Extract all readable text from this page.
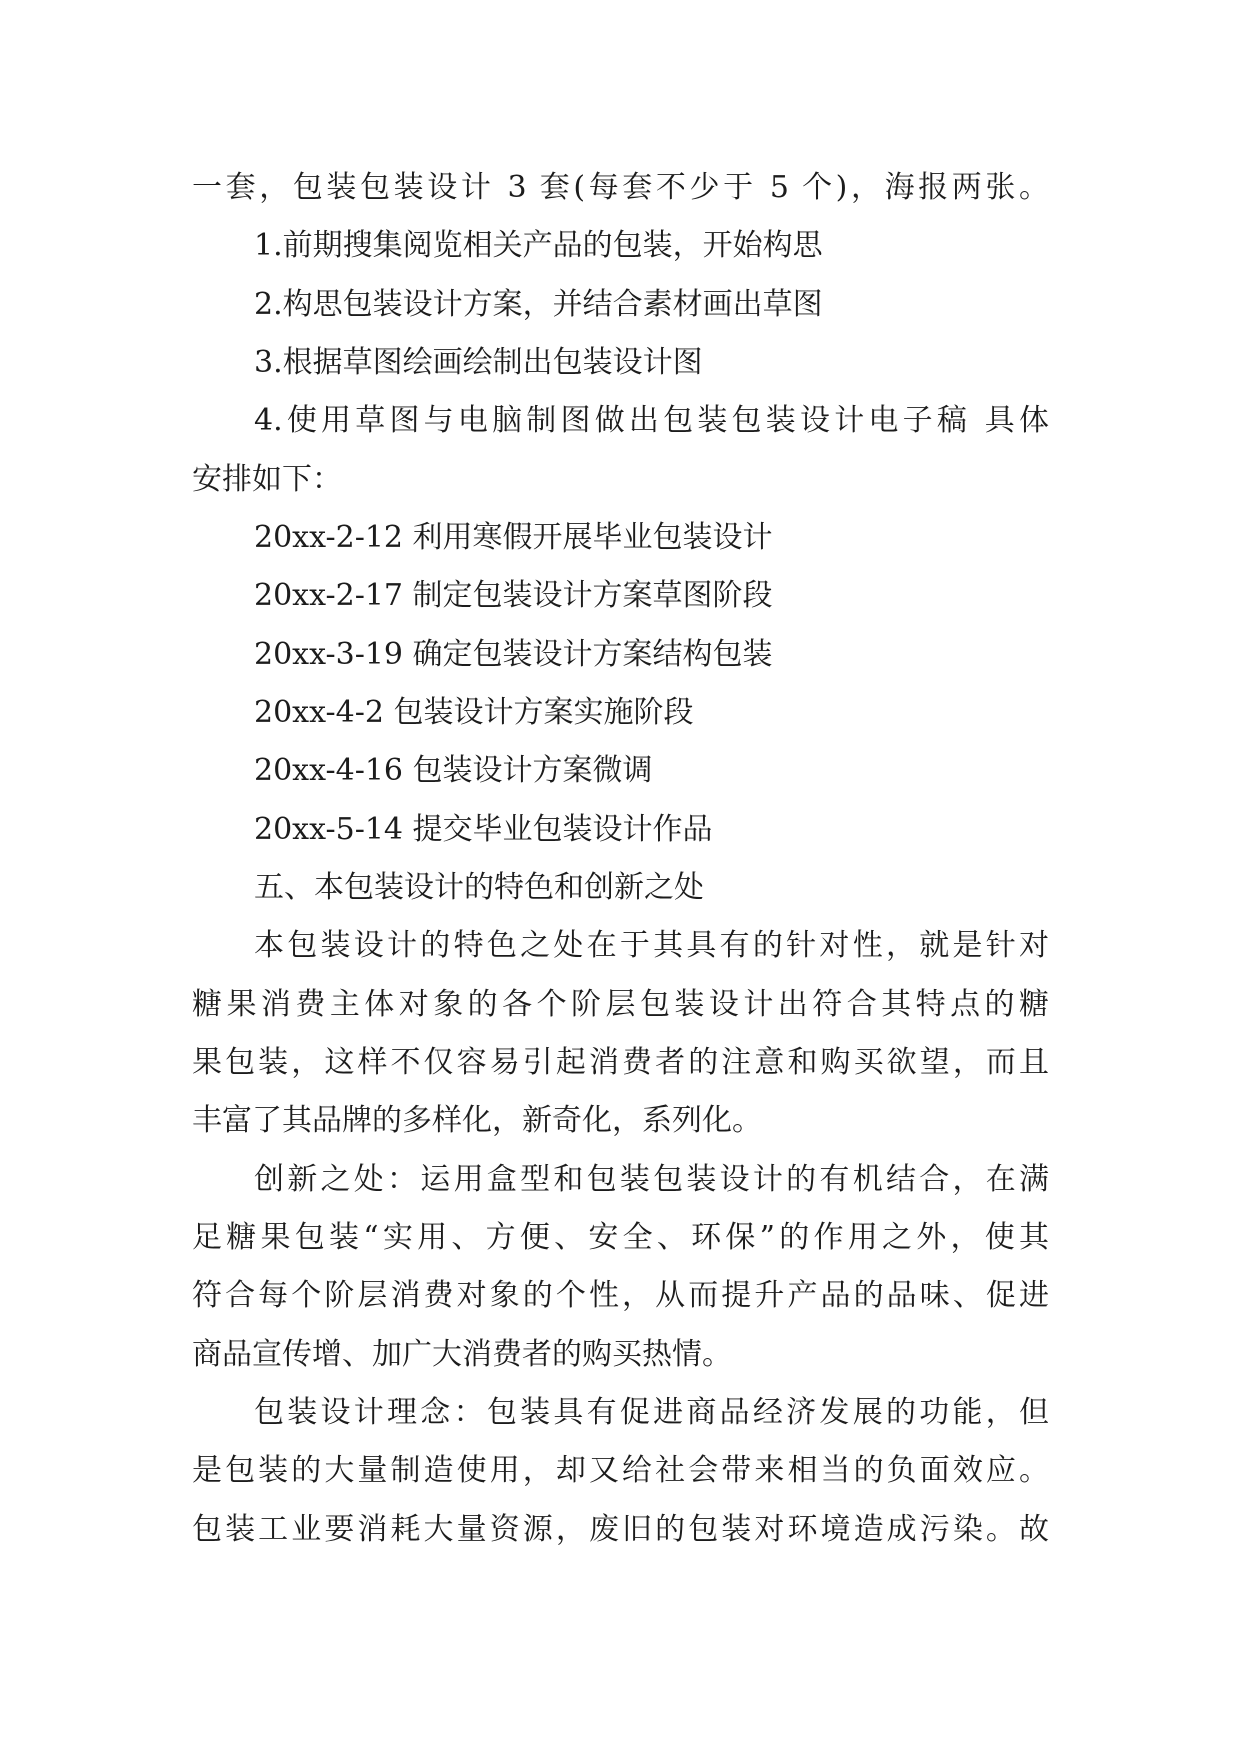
一套，包装包装设计 3 套(每套不少于 5 个)，海报两张。
1.前期搜集阅览相关产品的包装，开始构思
2.构思包装设计方案，并结合素材画出草图
3.根据草图绘画绘制出包装设计图
4.使用草图与电脑制图做出包装包装设计电子稿 具体
安排如下：
20xx-2-12 利用寒假开展毕业包装设计
20xx-2-17 制定包装设计方案草图阶段
20xx-3-19 确定包装设计方案结构包装
20xx-4-2 包装设计方案实施阶段
20xx-4-16 包装设计方案微调
20xx-5-14 提交毕业包装设计作品
五、本包装设计的特色和创新之处
本包装设计的特色之处在于其具有的针对性，就是针对
糖果消费主体对象的各个阶层包装设计出符合其特点的糖
果包装，这样不仅容易引起消费者的注意和购买欲望，而且
丰富了其品牌的多样化，新奇化，系列化。
创新之处：运用盒型和包装包装设计的有机结合，在满
足糖果包装“实用、方便、安全、环保”的作用之外，使其
符合每个阶层消费对象的个性，从而提升产品的品味、促进
商品宣传增、加广大消费者的购买热情。
包装设计理念：包装具有促进商品经济发展的功能，但
是包装的大量制造使用，却又给社会带来相当的负面效应。
包装工业要消耗大量资源，废旧的包装对环境造成污染。故
